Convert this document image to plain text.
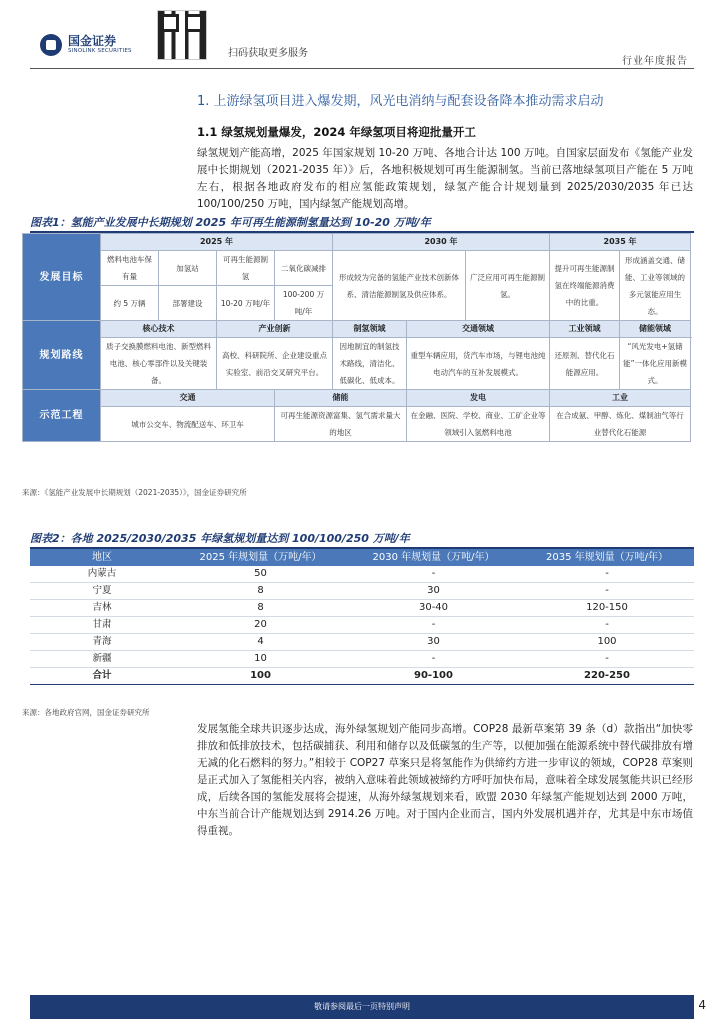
国金证券
SINOLINK SECURITIES	扫码获取更多服务
行业年度报告
1. 上游绿氢项目进入爆发期，风光电消纳与配套设备降本推动需求启动
1.1 绿氢规划量爆发，2024 年绿氢项目将迎批量开工
绿氢规划产能高增，2025 年国家规划 10-20 万吨、各地合计达 100 万吨。自国家层面发布《氢能产业发展中长期规划（2021-2035 年）》后，各地积极规划可再生能源制氢。当前已落地绿氢项目产能在 5 万吨左右，根据各地政府发布的相应氢能政策规划，绿氢产能合计规划量到 2025/2030/2035 年已达 100/100/250 万吨，国内绿氢产能规划高增。
图表1：氢能产业发展中长期规划 2025 年可再生能源制氢量达到 10-20 万吨/年
发展目标	2025 年				2030 年			2035 年	
	燃料电池车保有量	加氢站	可再生能源制氢	二氧化碳减排	形成较为完备的氢能产业技术创新体系、清洁能源制氢及供应体系。		广泛应用可再生能源制氢。	提升可再生能源制氢在终端能源消费中的比重。	形成涵盖交通、储能、工业等领域的多元氢能应用生态。
	约 5 万辆	部署建设	10-20 万吨/年	100-200 万吨/年					

规划路线	核心技术		产业创新		制氢领域	交通领域		工业领域	储能领域
	质子交换膜燃料电池、新型燃料电池、核心零部件以及关键装备。		高校、科研院所、企业建设重点实验室、前沿交叉研究平台。		因地制宜的制氢技术路线，清洁化、低碳化、低成本。	重型车辆应用，货汽车市场，与锂电池纯电动汽车的互补发展模式。		还原剂、替代化石能源应用。	“风光发电+氢储能”一体化应用新模式。
示范工程	交通			储能		发电		工业	
	城市公交车、物流配送车、环卫车			可再生能源资源富集、氢气需求量大的地区		在金融、医院、学校、商业、工矿企业等领域引入氢燃料电池		在合成氨、甲醇、炼化、煤制油气等行业替代化石能源	
来源：《氢能产业发展中长期规划（2021-2035）》，国金证券研究所
图表2：各地 2025/2030/2035 年绿氢规划量达到 100/100/250 万吨/年
地区	2025 年规划量（万吨/年）	2030 年规划量（万吨/年）	2035 年规划量（万吨/年）
内蒙古	50	-	-
宁夏	8	30	-
吉林	8	30-40	120-150
甘肃	20	-	-
青海	4	30	100
新疆	10	-	-
合计	100	90-100	220-250
来源：各地政府官网，国金证券研究所
发展氢能全球共识逐步达成，海外绿氢规划产能同步高增。COP28 最新草案第 39 条（d）款指出“加快零排放和低排放技术，包括碳捕获、利用和储存以及低碳氢的生产等，以便加强在能源系统中替代碳排放有增无减的化石燃料的努力。”相较于 COP27 草案只是将氢能作为供缔约方进一步审议的领域，COP28 草案则是正式加入了氢能相关内容，被纳入意味着此领域被缔约方呼吁加快布局，意味着全球发展氢能共识已经形成，后续各国的氢能发展将会提速，从海外绿氢规划来看，欧盟 2030 年绿氢产能规划达到 2000 万吨，中东当前合计产能规划达到 2914.26 万吨。对于国内企业而言，国内外发展机遇并存，尤其是中东市场值得重视。
敬请参阅最后一页特别声明	4
